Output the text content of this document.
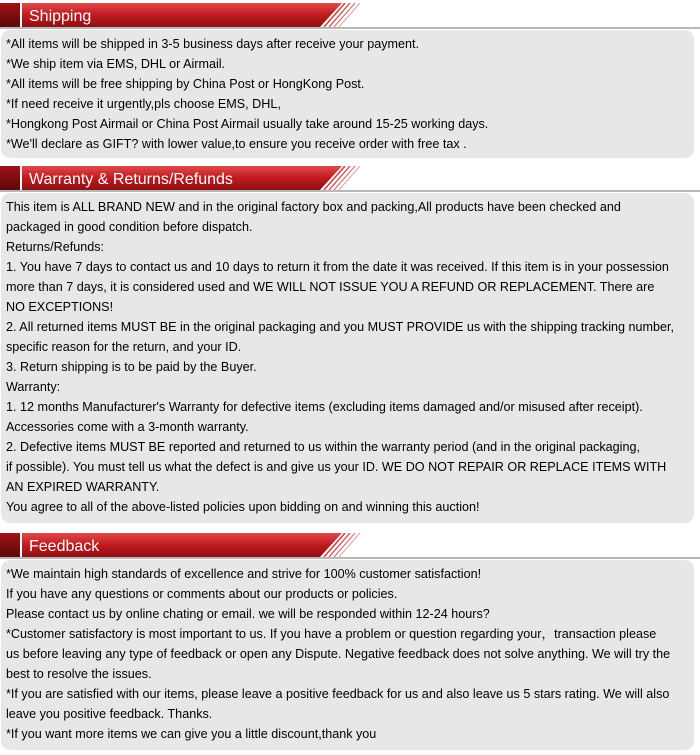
Shipping
*All items will be shipped in 3-5 business days after receive your payment.
*We ship item via EMS, DHL or Airmail.
*All items will be free shipping by China Post or HongKong Post.
*If need receive it urgently,pls choose EMS, DHL,
*Hongkong Post Airmail or China Post Airmail usually take around 15-25 working days.
*We'll declare as GIFT? with lower value,to ensure you receive order with free tax .
Warranty & Returns/Refunds
This item is ALL BRAND NEW and in the original factory box and packing,All products have been checked and
packaged in good condition before dispatch.
Returns/Refunds:
1. You have 7 days to contact us and 10 days to return it from the date it was received. If this item is in your possession
more than 7 days, it is considered used and WE WILL NOT ISSUE YOU A REFUND OR REPLACEMENT. There are
NO EXCEPTIONS!
2. All returned items MUST BE in the original packaging and you MUST PROVIDE us with the shipping tracking number,
specific reason for the return, and your ID.
3. Return shipping is to be paid by the Buyer.
Warranty:
1. 12 months Manufacturer's Warranty for defective items (excluding items damaged and/or misused after receipt).
Accessories come with a 3-month warranty.
2. Defective items MUST BE reported and returned to us within the warranty period (and in the original packaging,
if possible). You must tell us what the defect is and give us your ID. WE DO NOT REPAIR OR REPLACE ITEMS WITH
AN EXPIRED WARRANTY.
You agree to all of the above-listed policies upon bidding on and winning this auction!
Feedback
*We maintain high standards of excellence and strive for 100% customer satisfaction!
If you have any questions or comments about our products or policies.
Please contact us by online chating or email. we will be responded within 12-24 hours?
*Customer satisfactory is most important to us. If you have a problem or question regarding your，transaction please
us before leaving any type of feedback or open any Dispute. Negative feedback does not solve anything. We will try the
best to resolve the issues.
*If you are satisfied with our items, please leave a positive feedback for us and also leave us 5 stars rating. We will also
leave you positive feedback. Thanks.
*If you want more items we can give you a little discount,thank you
